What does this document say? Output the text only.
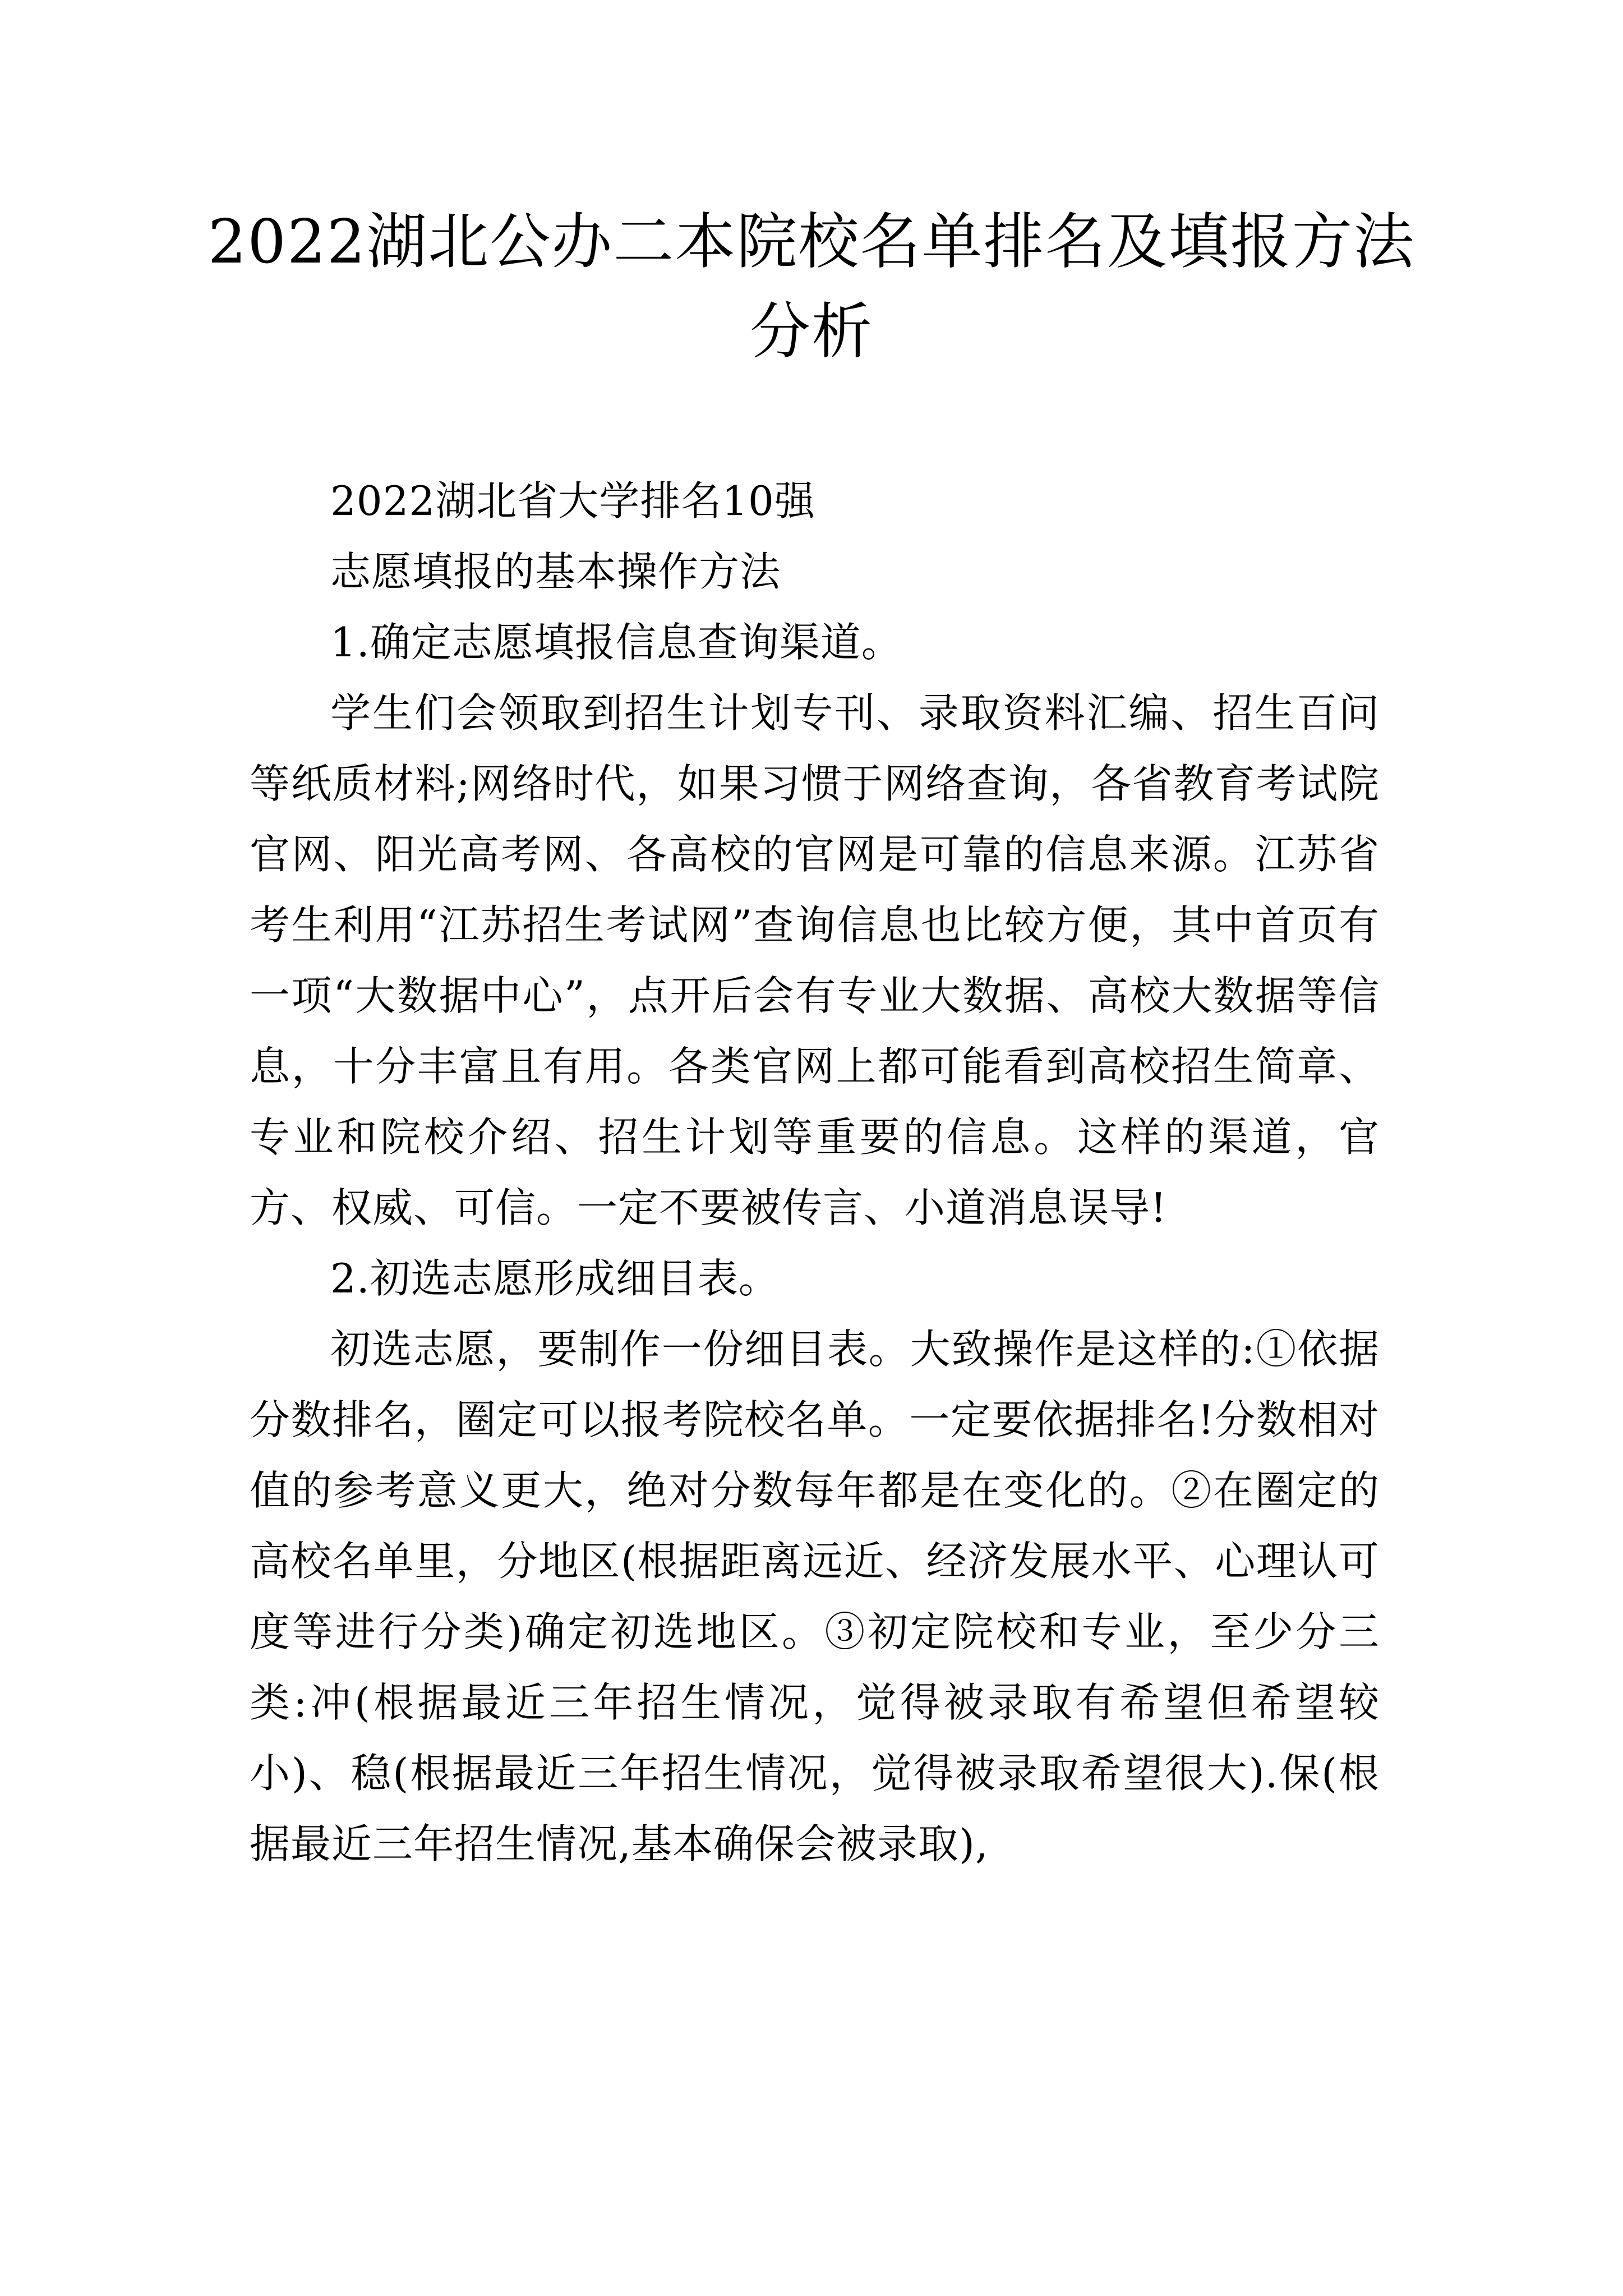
2022湖北公办二本院校名单排名及填报方法分析

2022湖北省大学排名10强

志愿填报的基本操作方法

1.确定志愿填报信息查询渠道。

学生们会领取到招生计划专刊、录取资料汇编、招生百问等纸质材料;网络时代，如果习惯于网络查询，各省教育考试院官网、阳光高考网、各高校的官网是可靠的信息来源。江苏省考生利用“江苏招生考试网”查询信息也比较方便，其中首页有一项“大数据中心”，点开后会有专业大数据、高校大数据等信息，十分丰富且有用。各类官网上都可能看到高校招生简章、专业和院校介绍、招生计划等重要的信息。这样的渠道，官方、权威、可信。一定不要被传言、小道消息误导!

2.初选志愿形成细目表。

初选志愿，要制作一份细目表。大致操作是这样的:①依据分数排名，圈定可以报考院校名单。一定要依据排名!分数相对值的参考意义更大，绝对分数每年都是在变化的。②在圈定的高校名单里，分地区(根据距离远近、经济发展水平、心理认可度等进行分类)确定初选地区。③初定院校和专业，至少分三类:冲(根据最近三年招生情况，觉得被录取有希望但希望较小)、稳(根据最近三年招生情况，觉得被录取希望很大).保(根据最近三年招生情况,基本确保会被录取),
